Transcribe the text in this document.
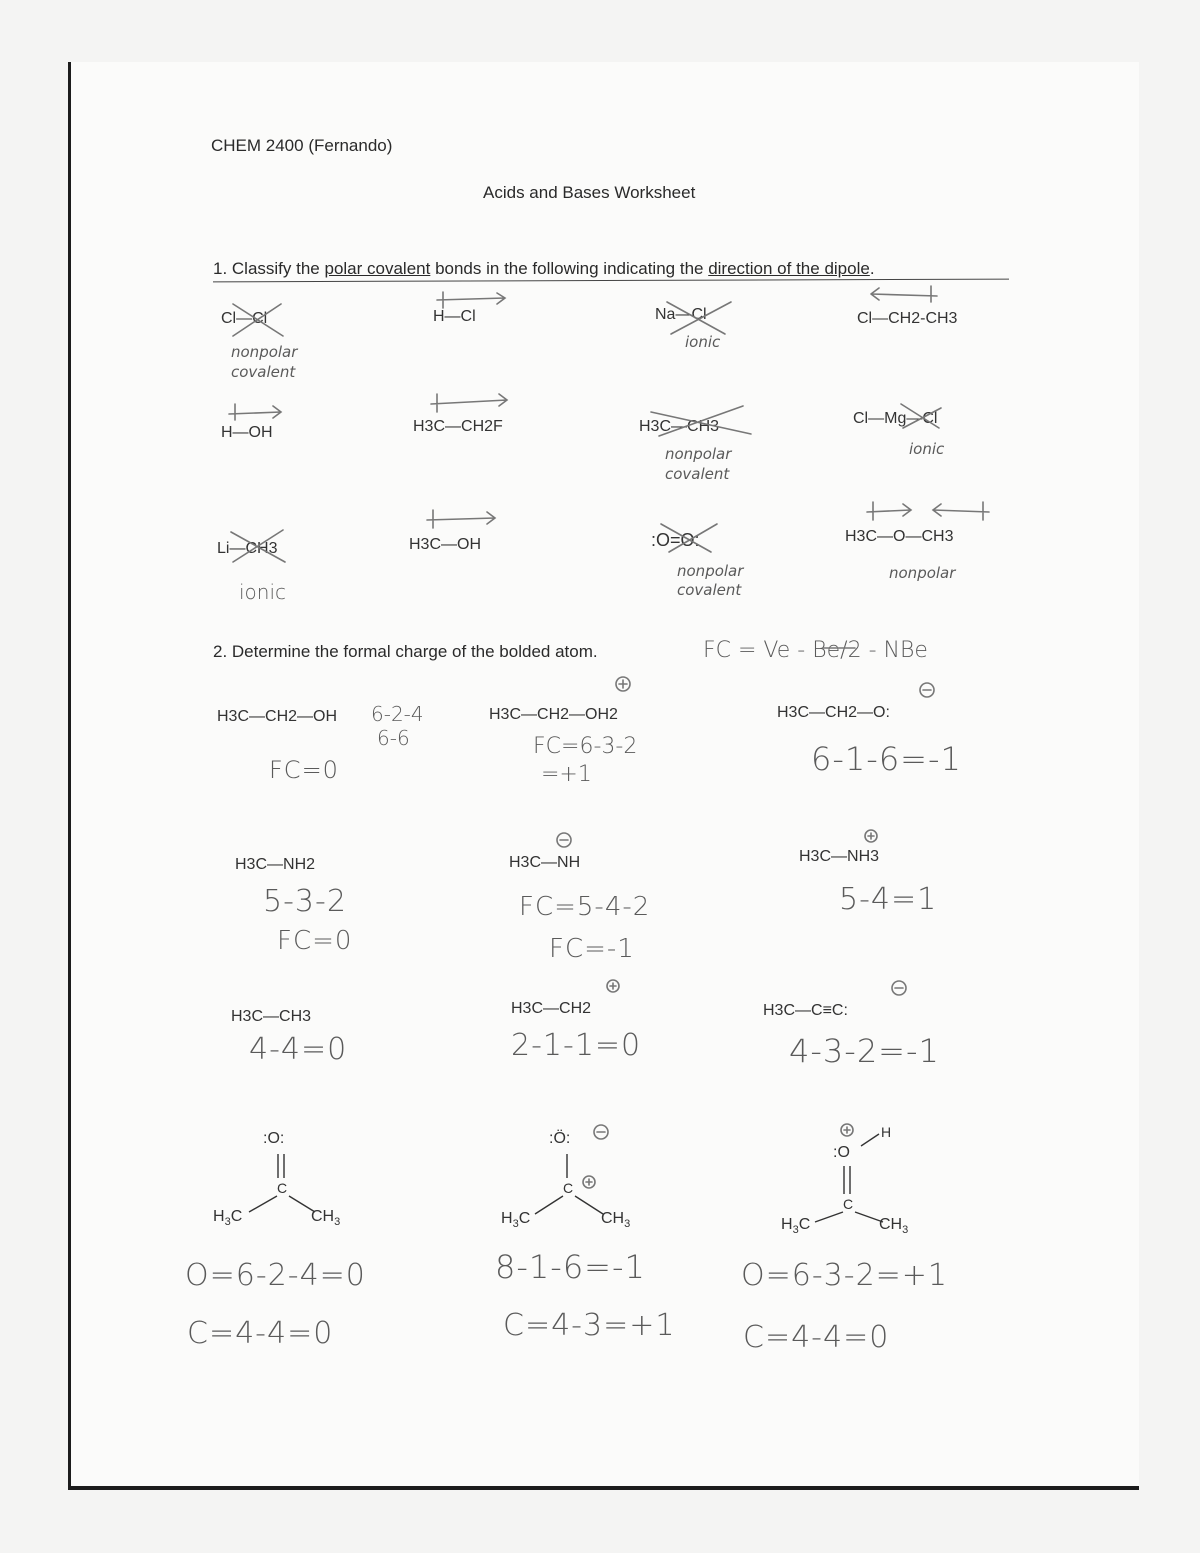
CHEM 2400 (Fernando)
Acids and Bases Worksheet
1. Classify the polar covalent bonds in the following indicating the direction of the dipole.
Cl—Cl
nonpolar covalent
H—Cl	Na—Cl
ionic
Cl—CH2-CH3
H—OH	H3C—CH2F	H3C—CH3
nonpolar covalent
Cl—Mg—Cl
ionic
Li—CH3
ionic
H3C—OH	:O=O:
nonpolar covalent
H3C—O—CH3
nonpolar
2. Determine the formal charge of the bolded atom.	FC = Ve - Be/2 - NBe
H3C—CH2—OH 6-2-4
6-6
FC=0
H3C—CH2—OH2
FC=6-3-2
=+1
H3C—CH2—O:
6-1-6=-1
H3C—NH2
5-3-2
FC=0
H3C—NH
FC=5-4-2
FC=-1
H3C—NH3
5-4=1
H3C—CH3
4-4=0
H3C—CH2
2-1-1=0
H3C—C≡C:
4-3-2=-1
:O:
C
$H_3C$	$CH_3$
O=6-2-4=0
C=4-4=0
:Ö:
C
$H_3C$	$CH_3$
8-1-6=-1
C=4-3=+1
:O
H
C
$H_3C$	$CH_3$
O=6-3-2=+1
C=4-4=0
